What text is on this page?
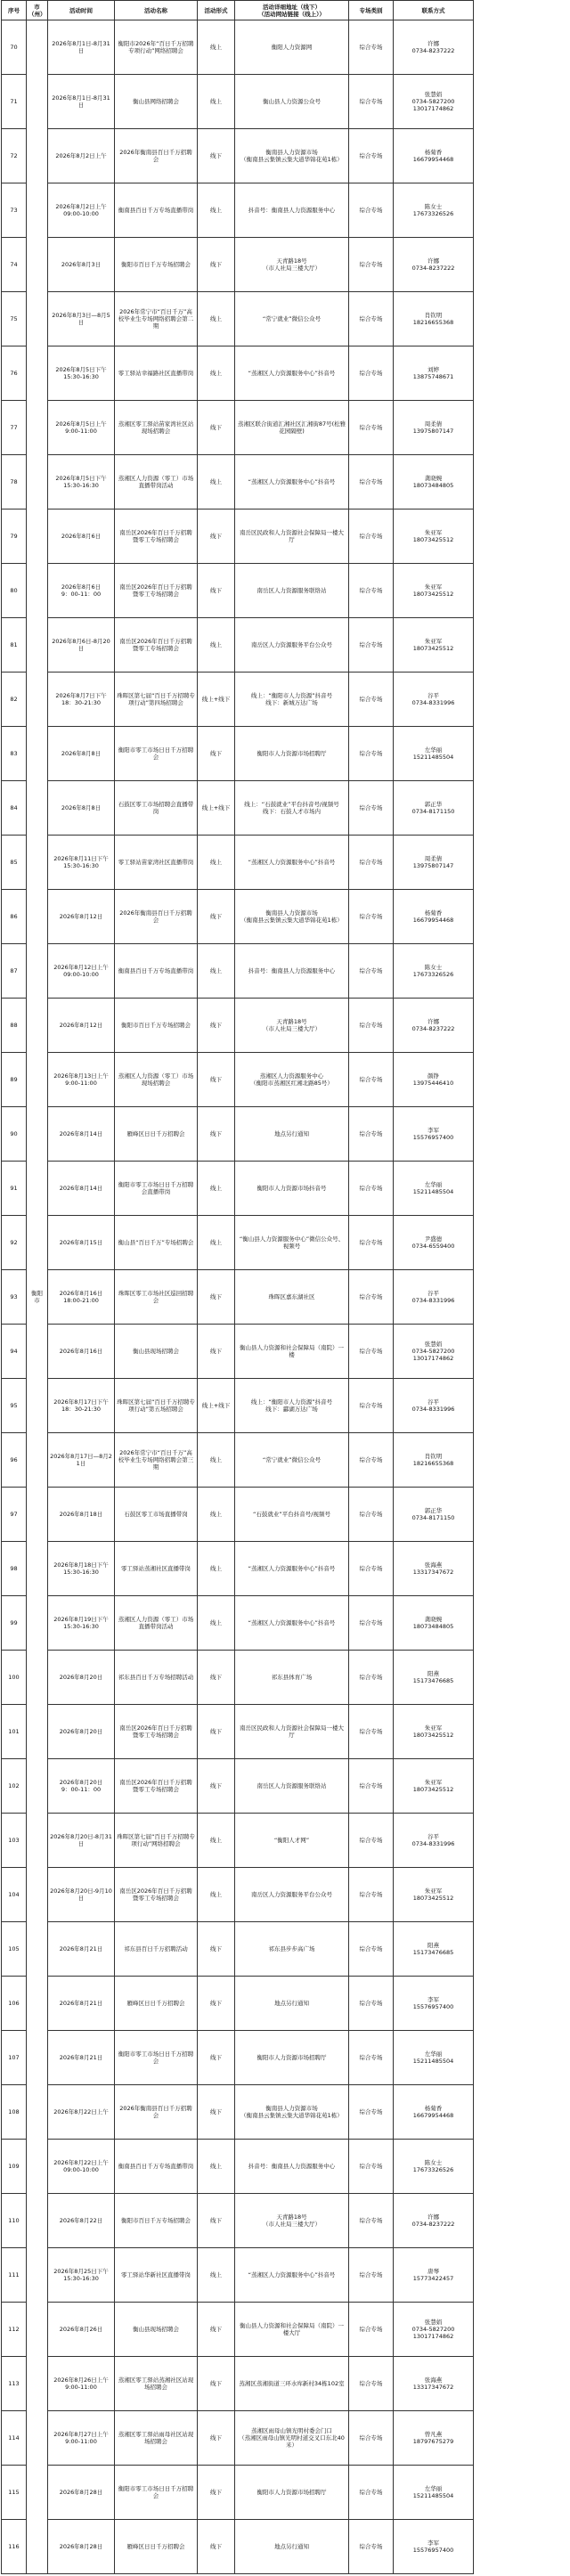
序号	市（州）	活动时间	活动名称	活动形式	活动详细地址（线下）
（活动网站链接（线上））	专场类别	联系方式
70	衡阳市	2026年8月1日-8月31日	衡阳市2026年“百日千万招聘专项行动”网络招聘会	线上	衡阳人力资源网	综合专场	许娜
0734-8237222
71		2026年8月1日-8月31日	衡山县网络招聘会	线上	衡山县人力资源公众号	综合专场	张慧娟
0734-5827200
13017174862
72		2026年8月2日上午	2026年衡南县百日千万招聘会	线下	衡南县人力资源市场
（衡南县云集镇云集大道华锦花苑1栋）	综合专场	杨菊香
16679954468
73		2026年8月2日上午
09:00-10:00	衡南县百日千万专场直播带岗	线上	抖音号：衡南县人力资源服务中心	综合专场	陈女士
17673326526
74		2026年8月3日	衡阳市百日千万专场招聘会	线下	天青路18号
（市人社局三楼大厅）	综合专场	许娜
0734-8237222
75		2026年8月3日—8月5日	2026年常宁市“百日千万”高校毕业生专场网络招聘会第二期	线上	“常宁就业”微信公众号	综合专场	肖钦明
18216655368
76		2026年8月5日下午
15:30-16:30	零工驿站幸福路社区直播带岗	线上	“蒸湘区人力资源服务中心”抖音号	综合专场	刘婷
13875748671
77		2026年8月5日上午
9:00-11:00	蒸湘区零工驿站苗家湾社区站现场招聘会	线下	蒸湘区联合街道汇湘社区汇湘街87号(松雅花园隔壁)	综合专场	周柔倩
13975807147
78		2026年8月5日下午
15:30-16:30	蒸湘区人力资源（零工）市场直播带岗活动	线上	“蒸湘区人力资源服务中心”抖音号	综合专场	龚晓婉
18073484805
79		2026年8月6日	南岳区2026年百日千万招聘暨零工专场招聘会	线下	南岳区民政和人力资源社会保障局一楼大厅	综合专场	朱亚军
18073425512
80		2026年8月6日
9：00-11：00	南岳区2026年百日千万招聘暨零工专场招聘会	线下	南岳区人力资源服务联络站	综合专场	朱亚军
18073425512
81		2026年8月6日-8月20日	南岳区2026年百日千万招聘暨零工专场招聘会	线上	南岳区人力资源服务平台公众号	综合专场	朱亚军
18073425512
82		2026年8月7日下午
18：30-21:30	珠晖区第七届“百日千万招聘专项行动”第四场招聘会	线上+线下	线上：“衡阳市人力资源”抖音号
线下：新城万达广场	综合专场	谷平
0734-8331996
83		2026年8月8日	衡阳市零工市场日日千万招聘会	线下	衡阳市人力资源市场招聘厅	综合专场	左华丽
15211485504
84		2026年8月8日	石鼓区零工市场招聘会直播带岗	线上+线下	线上：“石鼓就业”平台抖音号/视频号
线下：石鼓人才市场内	综合专场	郭正华
0734-8171150
85		2026年8月11日下午
15:30-16:30	零工驿站苗家湾社区直播带岗	线上	“蒸湘区人力资源服务中心”抖音号	综合专场	周柔倩
13975807147
86		2026年8月12日	2026年衡南县百日千万招聘会	线下	衡南县人力资源市场
（衡南县云集镇云集大道华锦花苑1栋）	综合专场	杨菊香
16679954468
87		2026年8月12日上午
09:00-10:00	衡南县百日千万专场直播带岗	线上	抖音号：衡南县人力资源服务中心	综合专场	陈女士
17673326526
88		2026年8月12日	衡阳市百日千万专场招聘会	线下	天青路18号
（市人社局三楼大厅）	综合专场	许娜
0734-8237222
89		2026年8月13日上午
9:00-11:00	蒸湘区人力资源（零工）市场现场招聘会	线下	蒸湘区人力资源服务中心
（衡阳市蒸湘区红湘北路85号）	综合专场	颜铮
13975446410
90		2026年8月14日	雁峰区日日千万招聘会	线下	地点另行通知	综合专场	李军
15576957400
91		2026年8月14日	衡阳市零工市场日日千万招聘会直播带岗	线上	衡阳市人力资源市场抖音号	综合专场	左华丽
15211485504
92		2026年8月15日	衡山县“百日千万”专场招聘会	线上	“衡山县人力资源服务中心”微信公众号、视频号	综合专场	尹盛德
0734-6559400
93		2026年8月16日
18:00-21:00	珠晖区零工市场社区巡回招聘会	线下	珠晖区嘉东湖社区	综合专场	谷平
0734-8331996
94		2026年8月16日	衡山县现场招聘会	线下	衡山县人力资源和社会保障局（南院）一楼	综合专场	张慧娟
0734-5827200
13017174862
95		2026年8月17日下午
18：30-21:30	珠晖区第七届“百日千万招聘专项行动”第五场招聘会	线上+线下	线上：“衡阳市人力资源”抖音号
线下：酃湖万达广场	综合专场	谷平
0734-8331996
96		2026年8月17日—8月21日	2026年常宁市“百日千万”高校毕业生专场网络招聘会第三期	线上	“常宁就业”微信公众号	综合专场	肖钦明
18216655368
97		2026年8月18日	石鼓区零工市场直播带岗	线上	“石鼓就业”平台抖音号/视频号	综合专场	郭正华
0734-8171150
98		2026年8月18日下午
15:30-16:30	零工驿站蒸湘社区直播带岗	线上	“蒸湘区人力资源服务中心”抖音号	综合专场	张海燕
13317347672
99		2026年8月19日下午
15:30-16:30	蒸湘区人力资源（零工）市场直播带岗活动	线上	“蒸湘区人力资源服务中心”抖音号	综合专场	龚晓婉
18073484805
100		2026年8月20日	祁东县百日千万专场招聘活动	线下	祁东县体育广场	综合专场	阳燕
15173476685
101		2026年8月20日	南岳区2026年百日千万招聘暨零工专场招聘会	线下	南岳区民政和人力资源社会保障局一楼大厅	综合专场	朱亚军
18073425512
102		2026年8月20日
9：00-11：00	南岳区2026年百日千万招聘暨零工专场招聘会	线下	南岳区人力资源服务联络站	综合专场	朱亚军
18073425512
103		2026年8月20日-8月31日	珠晖区第七届“百日千万招聘专项行动”网络招聘会	线上	“衡阳人才网”	综合专场	谷平
0734-8331996
104		2026年8月20日-9月10日	南岳区2026年百日千万招聘暨零工专场招聘会	线上	南岳区人力资源服务平台公众号	综合专场	朱亚军
18073425512
105		2026年8月21日	祁东县百日千万招聘活动	线下	祁东县步步高广场	综合专场	阳燕
15173476685
106		2026年8月21日	雁峰区日日千万招聘会	线下	地点另行通知	综合专场	李军
15576957400
107		2026年8月21日	衡阳市零工市场日日千万招聘会	线下	衡阳市人力资源市场招聘厅	综合专场	左华丽
15211485504
108		2026年8月22日上午	2026年衡南县百日千万招聘会	线下	衡南县人力资源市场
（衡南县云集镇云集大道华锦花苑1栋）	综合专场	杨菊香
16679954468
109		2026年8月22日上午
09:00-10:00	衡南县百日千万专场直播带岗	线上	抖音号：衡南县人力资源服务中心	综合专场	陈女士
17673326526
110		2026年8月22日	衡阳市百日千万专场招聘会	线下	天青路18号
（市人社局三楼大厅）	综合专场	许娜
0734-8237222
111		2026年8月25日下午
15:30-16:30	零工驿站华新社区直播带岗	线上	“蒸湘区人力资源服务中心”抖音号	综合专场	唐琴
15773422457
112		2026年8月26日	衡山县现场招聘会	线下	衡山县人力资源和社会保障局（南院）一楼大厅	综合专场	张慧娟
0734-5827200
13017174862
113		2026年8月26日上午
9:00-11:00	蒸湘区零工驿站蒸湘社区站现场招聘会	线下	蒸湘区蒸湘街道三环水库新村34栋102室	综合专场	张海燕
13317347672
114		2026年8月27日上午
9:00-11:00	蒸湘区零工驿站雨母社区站现场招聘会	线下	蒸湘区雨母山镇光明村委会门口
（蒸湘区雨母山镇光明村道交叉口东北40米）	综合专场	曾凡燕
18797675279
115		2026年8月28日	衡阳市零工市场日日千万招聘会	线下	衡阳市人力资源市场招聘厅	综合专场	左华丽
15211485504
116		2026年8月28日	雁峰区日日千万招聘会	线下	地点另行通知	综合专场	李军
15576957400
